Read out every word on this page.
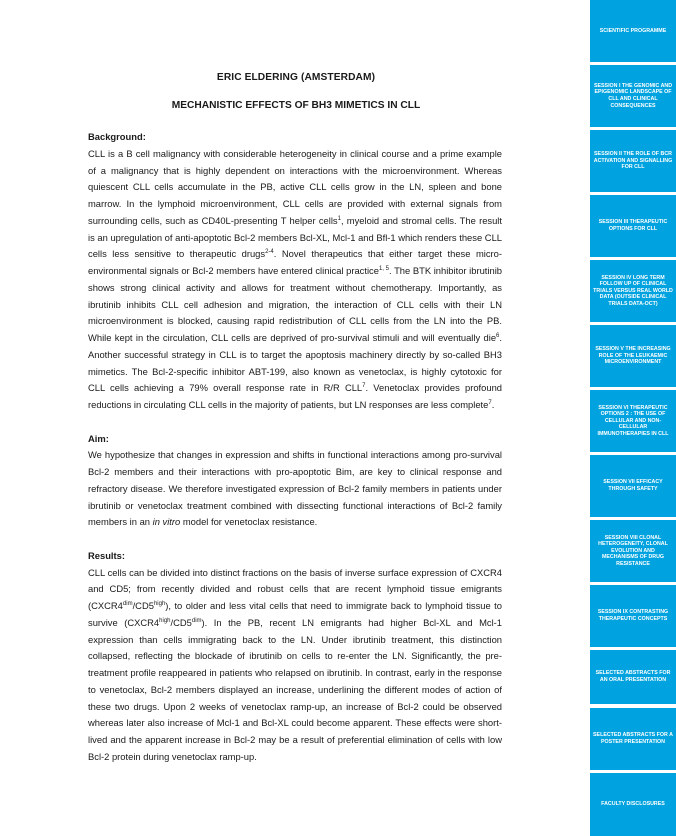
ERIC ELDERING (AMSTERDAM)
MECHANISTIC EFFECTS OF BH3 MIMETICS IN CLL
Background:

CLL is a B cell malignancy with considerable heterogeneity in clinical course and a prime example of a malignancy that is highly dependent on interactions with the microenvironment. Whereas quiescent CLL cells accumulate in the PB, active CLL cells grow in the LN, spleen and bone marrow. In the lymphoid microenvironment, CLL cells are provided with external signals from surrounding cells, such as CD40L-presenting T helper cells$^1$, myeloid and stromal cells. The result is an upregulation of anti-apoptotic Bcl-2 members Bcl-XL, Mcl-1 and Bfl-1 which renders these CLL cells less sensitive to therapeutic drugs$^{2-4}$. Novel therapeutics that either target these micro-environmental signals or Bcl-2 members have entered clinical practice$^{1, 5}$. The BTK inhibitor ibrutinib shows strong clinical activity and allows for treatment without chemotherapy. Importantly, as ibrutinib inhibits CLL cell adhesion and migration, the interaction of CLL cells with their LN microenvironment is blocked, causing rapid redistribution of CLL cells from the LN into the PB. While kept in the circulation, CLL cells are deprived of pro-survival stimuli and will eventually die$^6$. Another successful strategy in CLL is to target the apoptosis machinery directly by so-called BH3 mimetics. The Bcl-2-specific inhibitor ABT-199, also known as venetoclax, is highly cytotoxic for CLL cells achieving a 79% overall response rate in R/R CLL$^7$. Venetoclax provides profound reductions in circulating CLL cells in the majority of patients, but LN responses are less complete$^7$.

Aim:

We hypothesize that changes in expression and shifts in functional interactions among pro-survival Bcl-2 members and their interactions with pro-apoptotic Bim, are key to clinical response and refractory disease. We therefore investigated expression of Bcl-2 family members in patients under ibrutinib or venetoclax treatment combined with dissecting functional interactions of Bcl-2 family members in an in vitro model for venetoclax resistance.

Results:

CLL cells can be divided into distinct fractions on the basis of inverse surface expression of CXCR4 and CD5; from recently divided and robust cells that are recent lymphoid tissue emigrants $(CXCR4^{dim}/CD5^{high})$, to older and less vital cells that need to immigrate back to lymphoid tissue to survive $(CXCR4^{high}/CD5^{dim})$. In the PB, recent LN emigrants had higher Bcl-XL and Mcl-1 expression than cells immigrating back to the LN. Under ibrutinib treatment, this distinction collapsed, reflecting the blockade of ibrutinib on cells to re-enter the LN. Significantly, the pre-treatment profile reappeared in patients who relapsed on ibrutinib. In contrast, early in the response to venetoclax, Bcl-2 members displayed an increase, underlining the different modes of action of these two drugs. Upon 2 weeks of venetoclax ramp-up, an increase of Bcl-2 could be observed whereas later also increase of Mcl-1 and Bcl-XL could become apparent. These effects were short-lived and the apparent increase in Bcl-2 may be a result of preferential elimination of cells with low Bcl-2 protein during venetoclax ramp-up.

SCIENTIFIC PROGRAMME
SESSION I THE GENOMIC AND EPIGENOMIC LANDSCAPE OF CLL AND CLINICAL CONSEQUENCES
SESSION II THE ROLE OF BCR ACTIVATION AND SIGNALLING FOR CLL
SESSION III THERAPEUTIC OPTIONS FOR CLL
SESSION IV LONG TERM FOLLOW UP OF CLINICAL TRIALS VERSUS REAL WORLD DATA (OUTSIDE CLINICAL TRIALS DATA-OCT)
SESSION V THE INCREASING ROLE OF THE LEUKAEMIC MICROENVIRONMENT
SESSION VI THERAPEUTIC OPTIONS 2 : THE USE OF CELLULAR AND NON-CELLULAR IMMUNOTHERAPIES IN CLL
SESSION VII EFFICACY THROUGH SAFETY
SESSION VIII CLONAL HETEROGENEITY, CLONAL EVOLUTION AND MECHANISMS OF DRUG RESISTANCE
SESSION IX CONTRASTING THERAPEUTIC CONCEPTS
SELECTED ABSTRACTS FOR AN ORAL PRESENTATION
SELECTED ABSTRACTS FOR A POSTER PRESENTATION
FACULTY DISCLOSURES
